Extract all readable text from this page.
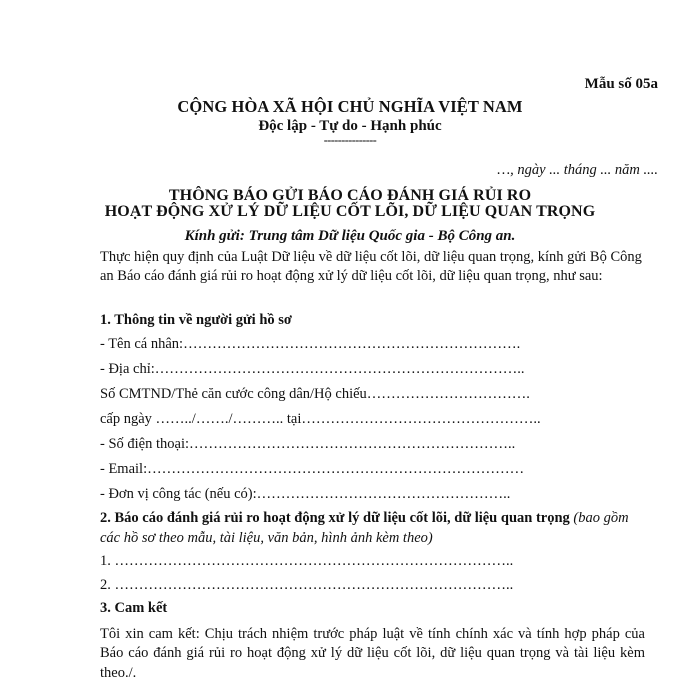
Mẫu số 05a
CỘNG HÒA XÃ HỘI CHỦ NGHĨA VIỆT NAM
Độc lập - Tự do - Hạnh phúc
---------------
…, ngày ... tháng ... năm ....
THÔNG BÁO GỬI BÁO CÁO ĐÁNH GIÁ RỦI RO
HOẠT ĐỘNG XỬ LÝ DỮ LIỆU CỐT LÕI, DỮ LIỆU QUAN TRỌNG
Kính gửi: Trung tâm Dữ liệu Quốc gia - Bộ Công an.
Thực hiện quy định của Luật Dữ liệu về dữ liệu cốt lõi, dữ liệu quan trọng, kính gửi Bộ Công an Báo cáo đánh giá rủi ro hoạt động xử lý dữ liệu cốt lõi, dữ liệu quan trọng, như sau:
1. Thông tin về người gửi hồ sơ
- Tên cá nhân:…………………………………………………………….
- Địa chỉ:…………………………………………………………………..
Số CMTND/Thẻ căn cước công dân/Hộ chiếu…………………………….
cấp ngày ……../……./……….. tại…………………………………………..
- Số điện thoại:…………………………………………………………..
- Email:……………………………………………………………………
- Đơn vị công tác (nếu có):……………………………………………..
2. Báo cáo đánh giá rủi ro hoạt động xử lý dữ liệu cốt lõi, dữ liệu quan trọng (bao gồm các hồ sơ theo mẫu, tài liệu, văn bản, hình ảnh kèm theo)
1. ………………………………………………………………………..
2. ………………………………………………………………………..
3. Cam kết
Tôi xin cam kết: Chịu trách nhiệm trước pháp luật về tính chính xác và tính hợp pháp của Báo cáo đánh giá rủi ro hoạt động xử lý dữ liệu cốt lõi, dữ liệu quan trọng và tài liệu kèm theo./.
